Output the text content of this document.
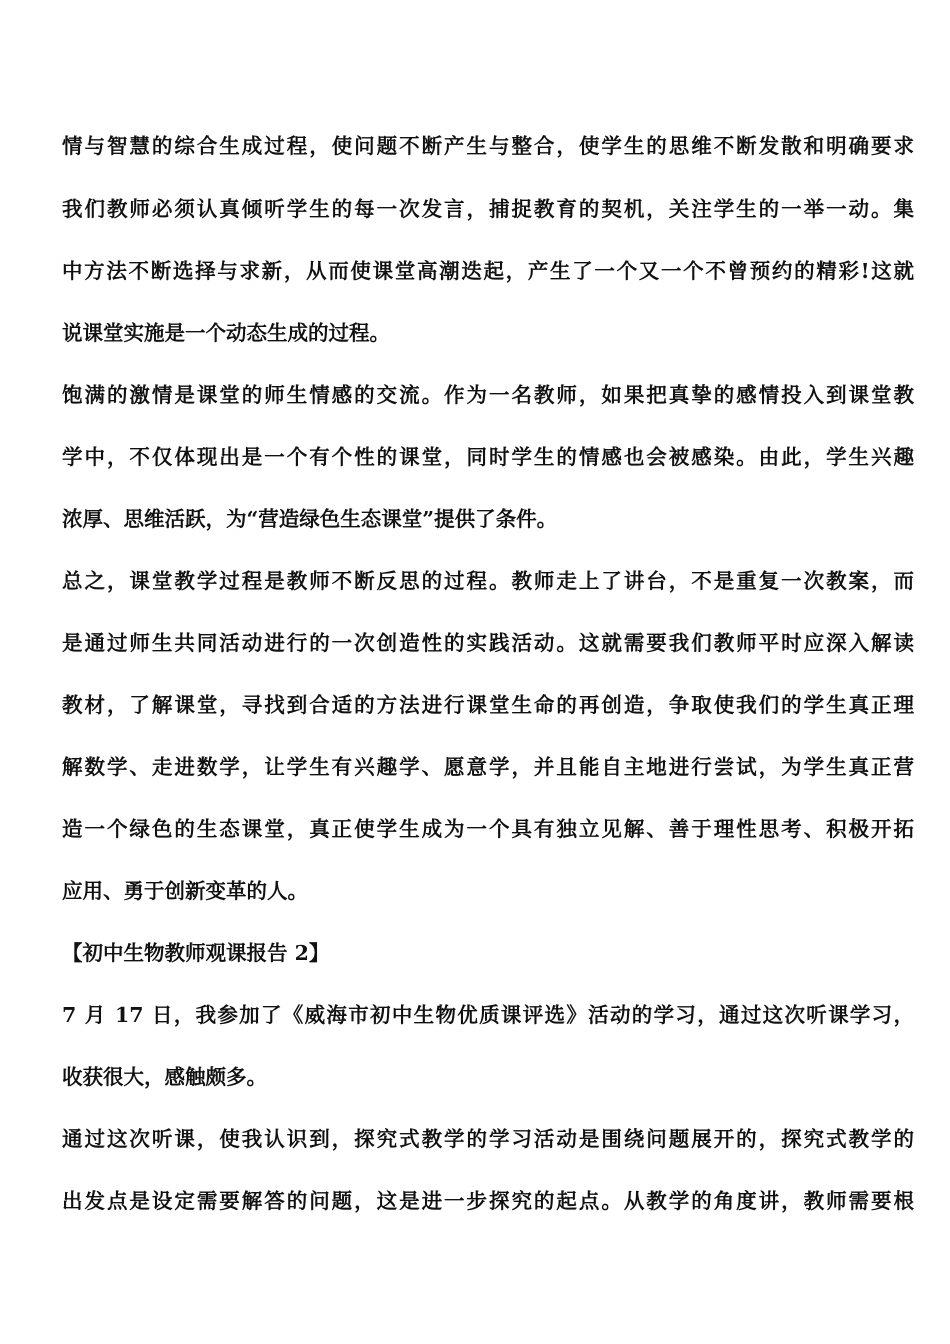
情与智慧的综合生成过程，使问题不断产生与整合，使学生的思维不断发散和明确要求
我们教师必须认真倾听学生的每一次发言，捕捉教育的契机，关注学生的一举一动。集
中方法不断选择与求新，从而使课堂高潮迭起，产生了一个又一个不曾预约的精彩!这就
说课堂实施是一个动态生成的过程。
饱满的激情是课堂的师生情感的交流。作为一名教师，如果把真挚的感情投入到课堂教
学中，不仅体现出是一个有个性的课堂，同时学生的情感也会被感染。由此，学生兴趣
浓厚、思维活跃，为“营造绿色生态课堂”提供了条件。
总之，课堂教学过程是教师不断反思的过程。教师走上了讲台，不是重复一次教案，而
是通过师生共同活动进行的一次创造性的实践活动。这就需要我们教师平时应深入解读
教材，了解课堂，寻找到合适的方法进行课堂生命的再创造，争取使我们的学生真正理
解数学、走进数学，让学生有兴趣学、愿意学，并且能自主地进行尝试，为学生真正营
造一个绿色的生态课堂，真正使学生成为一个具有独立见解、善于理性思考、积极开拓
应用、勇于创新变革的人。
【初中生物教师观课报告 2】
7 月 17 日，我参加了《威海市初中生物优质课评选》活动的学习，通过这次听课学习，
收获很大，感触颇多。
通过这次听课，使我认识到，探究式教学的学习活动是围绕问题展开的，探究式教学的
出发点是设定需要解答的问题，这是进一步探究的起点。从教学的角度讲，教师需要根
